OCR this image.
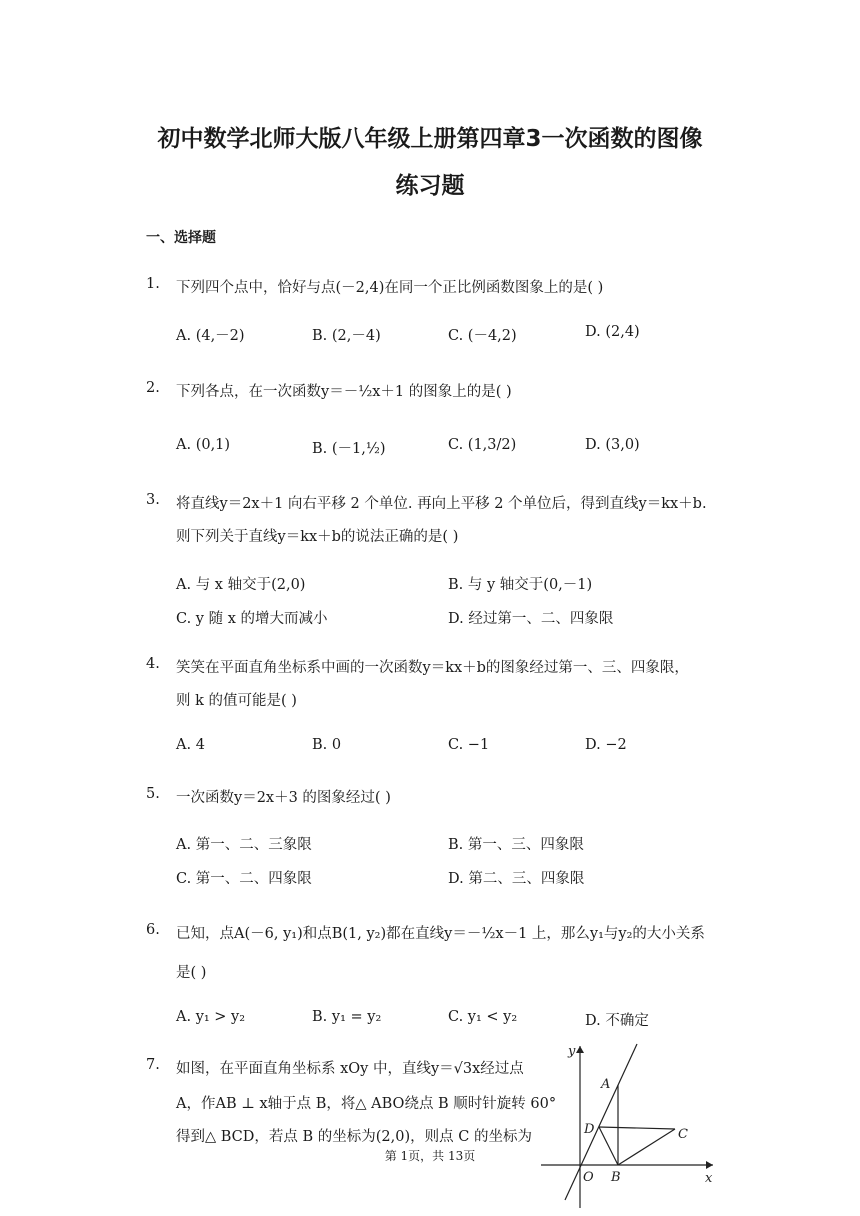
初中数学北师大版八年级上册第四章3一次函数的图像
练习题
一、选择题
1. 下列四个点中，恰好与点(－2,4)在同一个正比例函数图象上的是( )
A. (4,－2)	B. (2,－4)	C. (－4,2)	D. (2,4)
2. 下列各点，在一次函数y＝－½x＋1 的图象上的是( )
A. (0,1)	B. (－1,½)	C. (1,3/2)	D. (3,0)
3. 将直线y＝2x＋1 向右平移 2 个单位. 再向上平移 2 个单位后，得到直线y＝kx＋b.
则下列关于直线y＝kx＋b的说法正确的是( )
A. 与 x 轴交于(2,0)	B. 与 y 轴交于(0,－1)
C. y 随 x 的增大而减小	D. 经过第一、二、四象限
4. 笑笑在平面直角坐标系中画的一次函数y＝kx＋b的图象经过第一、三、四象限，
则 k 的值可能是( )
A. 4	B. 0	C. −1	D. −2
5. 一次函数y＝2x＋3 的图象经过( )
A. 第一、二、三象限	B. 第一、三、四象限
C. 第一、二、四象限	D. 第二、三、四象限
6. 已知，点A(－6, y₁)和点B(1, y₂)都在直线y＝－½x－1 上，那么y₁与y₂的大小关系
是( )
A. y₁ > y₂	B. y₁ = y₂	C. y₁ < y₂	D. 不确定
7. 如图，在平面直角坐标系 xOy 中，直线y＝√3x经过点
A，作AB ⊥ x轴于点 B，将△ ABO绕点 B 顺时针旋转 60°
得到△ BCD，若点 B 的坐标为(2,0)，则点 C 的坐标为
y
x
A
D	C
O B
第 1页，共 13页
